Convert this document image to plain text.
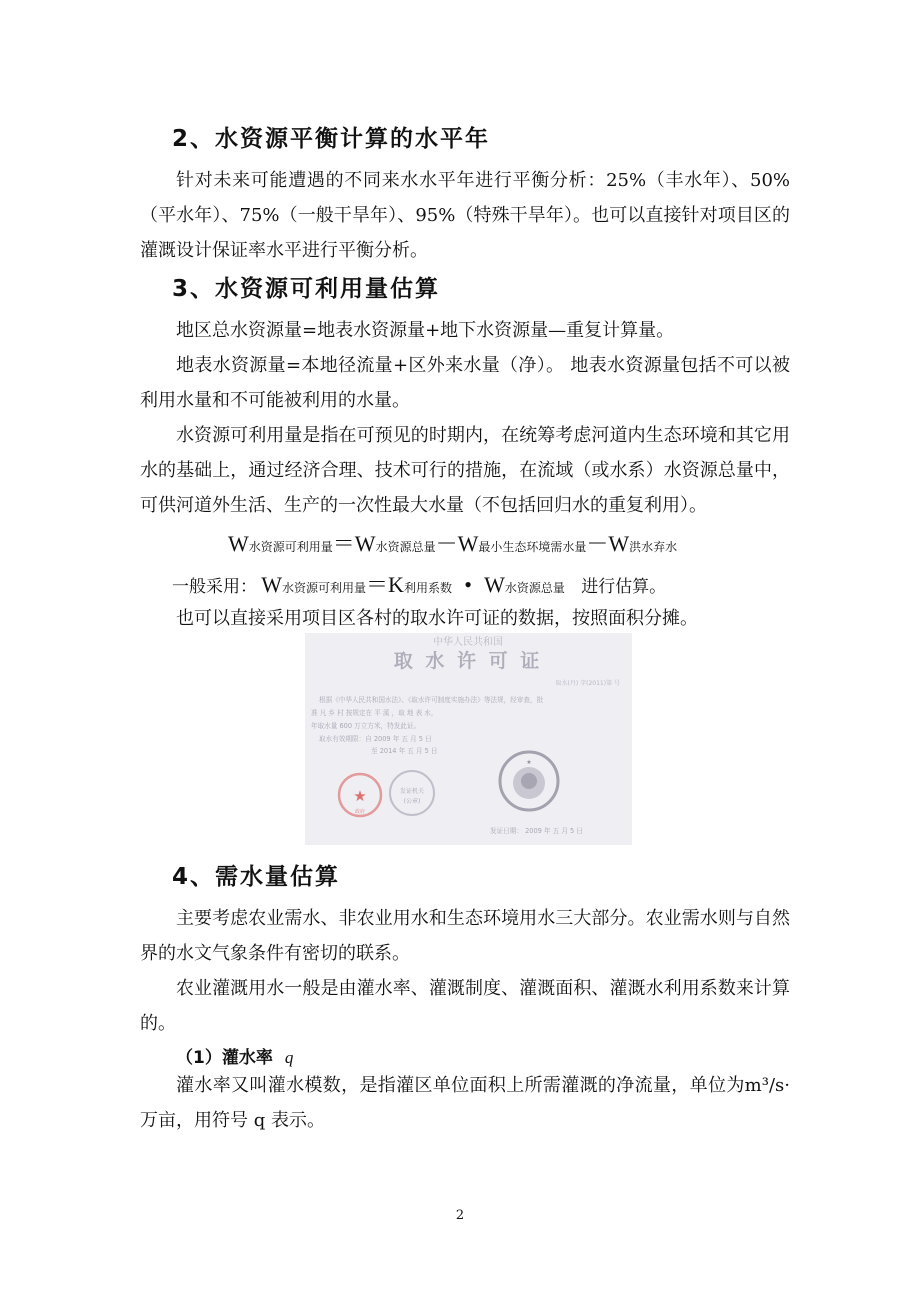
2、水资源平衡计算的水平年

针对未来可能遭遇的不同来水水平年进行平衡分析：25%（丰水年）、50%（平水年）、75%（一般干旱年）、95%（特殊干旱年）。也可以直接针对项目区的灌溉设计保证率水平进行平衡分析。

3、水资源可利用量估算

地区总水资源量=地表水资源量+地下水资源量—重复计算量。

地表水资源量=本地径流量+区外来水量（净）。 地表水资源量包括不可以被利用水量和不可能被利用的水量。

水资源可利用量是指在可预见的时期内，在统筹考虑河道内生态环境和其它用水的基础上，通过经济合理、技术可行的措施，在流域（或水系）水资源总量中，可供河道外生活、生产的一次性最大水量（不包括回归水的重复利用）。

W水资源可利用量＝W水资源总量－W最小生态环境需水量－W洪水弃水
一般采用： W水资源可利用量＝K利用系数 • W水资源总量 进行估算。
也可以直接采用项目区各村的取水许可证的数据，按照面积分摊。
中华人民共和国
取 水 许 可 证
取水(丹) 字(2011)第 号
根据《中华人民共和国水法》、《取水许可制度实施办法》等法规，经审查，批
准 凡 乡 村 按规定在 平 溪 ，取 地 表 水，
年取水量 600 万立方米，特发此证。
取水有效期限：自 2009 年 五 月 5 日
至 2014 年 五 月 5 日
★
政府
发证机关
(公章)
★
发证日期： 2009 年 五 月 5 日
4、需水量估算

主要考虑农业需水、非农业用水和生态环境用水三大部分。农业需水则与自然界的水文气象条件有密切的联系。

农业灌溉用水一般是由灌水率、灌溉制度、灌溉面积、灌溉水利用系数来计算的。

（1）灌水率 q

灌水率又叫灌水模数，是指灌区单位面积上所需灌溉的净流量，单位为m³/s·万亩，用符号 q 表示。

2
